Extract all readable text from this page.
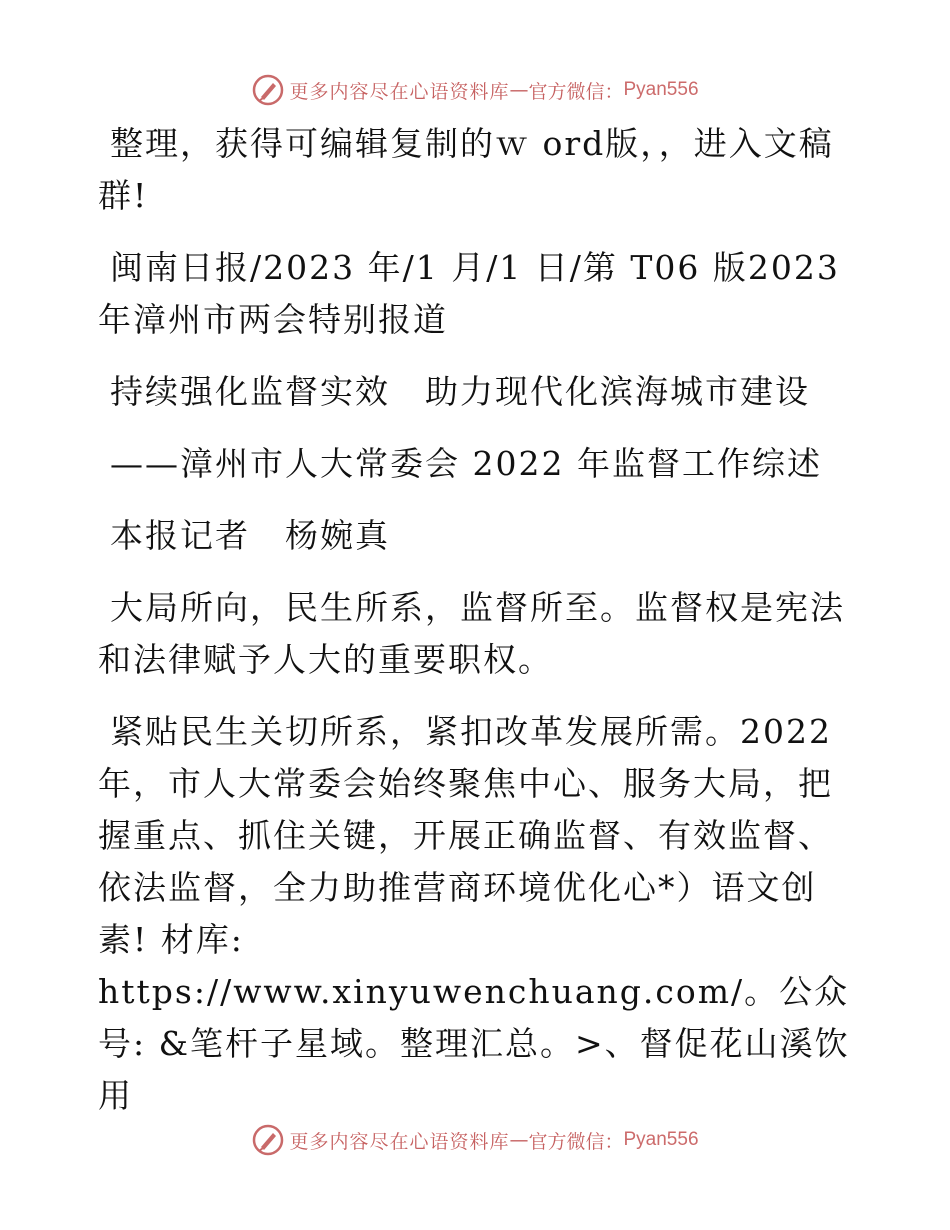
更多内容尽在心语资料库 — 官方微信： Pyan556

整理，获得可编辑复制的ｗ ord版，，进入文稿群!

闽南日报/2023 年/1 月/1 日/第 T06 版2023 年漳州市两会特别报道

持续强化监督实效　助力现代化滨海城市建设

——漳州市人大常委会 2022 年监督工作综述

本报记者　杨婉真

大局所向，民生所系，监督所至。监督权是宪法和法律赋予人大的重要职权。

紧贴民生关切所系，紧扣改革发展所需。2022 年，市人大常委会始终聚焦中心、服务大局，把握重点、抓住关键，开展正确监督、有效监督、依法监督，全力助推营商环境优化心*）语文创素! 材库: https://www.xinyuwenchuang.com/。公众号: &笔杆子星域。整理汇总。>、督促花山溪饮用

更多内容尽在心语资料库 — 官方微信： Pyan556
